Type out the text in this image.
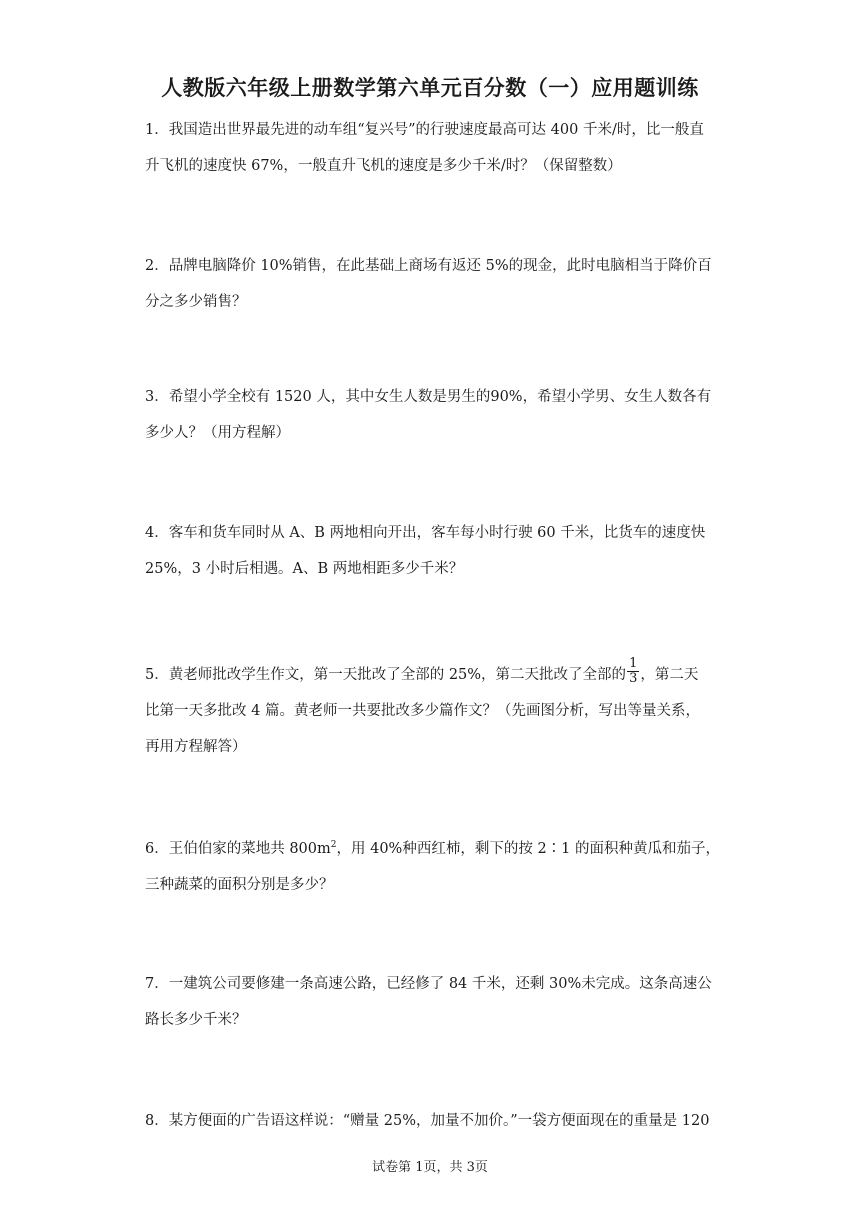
人教版六年级上册数学第六单元百分数（一）应用题训练

1．我国造出世界最先进的动车组“复兴号”的行驶速度最高可达 400 千米/时，比一般直

升飞机的速度快 67%，一般直升飞机的速度是多少千米/时？（保留整数）

2．品牌电脑降价 10%销售，在此基础上商场有返还 5%的现金，此时电脑相当于降价百

分之多少销售？

3．希望小学全校有 1520 人，其中女生人数是男生的90%，希望小学男、女生人数各有

多少人？（用方程解）

4．客车和货车同时从 A、B 两地相向开出，客车每小时行驶 60 千米，比货车的速度快

25%，3 小时后相遇。A、B 两地相距多少千米？

5．黄老师批改学生作文，第一天批改了全部的 25%，第二天批改了全部的 $\frac{1}{3}$ ，第二天

比第一天多批改 4 篇。黄老师一共要批改多少篇作文？（先画图分析，写出等量关系，

再用方程解答）

6．王伯伯家的菜地共 $800m^2$，用 40%种西红柿，剩下的按 2∶1 的面积种黄瓜和茄子，

三种蔬菜的面积分别是多少？

7．一建筑公司要修建一条高速公路，已经修了 84 千米，还剩 30%未完成。这条高速公

路长多少千米？

8．某方便面的广告语这样说：“赠量 25%，加量不加价。”一袋方便面现在的重量是 120

试卷第 1页，共 3页
